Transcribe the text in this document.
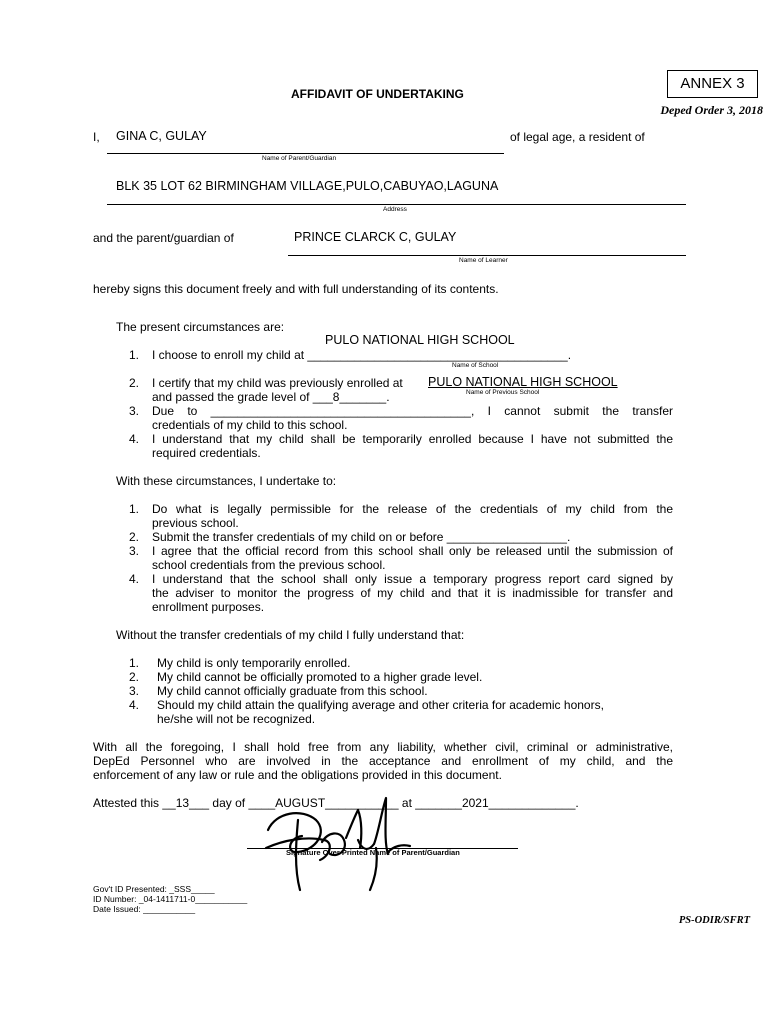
ANNEX 3
AFFIDAVIT OF UNDERTAKING
Deped Order 3, 2018
I, GINA C, GULAY	of legal age, a resident of
Name of Parent/Guardian
BLK 35 LOT 62 BIRMINGHAM VILLAGE,PULO,CABUYAO,LAGUNA
Address
and the parent/guardian of	PRINCE CLARCK C, GULAY
Name of Learner
hereby signs this document freely and with full understanding of its contents.
The present circumstances are:
PULO NATIONAL HIGH SCHOOL
1. I choose to enroll my child at _______________________________________.
Name of School
2. I certify that my child was previously enrolled at PULO NATIONAL HIGH SCHOOL
Name of Previous School
and passed the grade level of ___8_______.
3. Due to _______________________________________, I cannot submit the transfer
credentials of my child to this school.
4. I understand that my child shall be temporarily enrolled because I have not submitted the
required credentials.
With these circumstances, I undertake to:
1. Do what is legally permissible for the release of the credentials of my child from the
previous school.
2. Submit the transfer credentials of my child on or before __________________.
3. I agree that the official record from this school shall only be released until the submission of
school credentials from the previous school.
4. I understand that the school shall only issue a temporary progress report card signed by
the adviser to monitor the progress of my child and that it is inadmissible for transfer and
enrollment purposes.
Without the transfer credentials of my child I fully understand that:
1. My child is only temporarily enrolled.
2. My child cannot be officially promoted to a higher grade level.
3. My child cannot officially graduate from this school.
4. Should my child attain the qualifying average and other criteria for academic honors,
he/she will not be recognized.
With all the foregoing, I shall hold free from any liability, whether civil, criminal or administrative,
DepEd Personnel who are involved in the acceptance and enrollment of my child, and the
enforcement of any law or rule and the obligations provided in this document.
Attested this __13___ day of ____AUGUST___________ at _______2021_____________.
Signature Over Printed Name of Parent/Guardian
Gov't ID Presented: _SSS_____
ID Number: _04-1411711-0___________
Date Issued: ___________
PS-ODIR/SFRT
